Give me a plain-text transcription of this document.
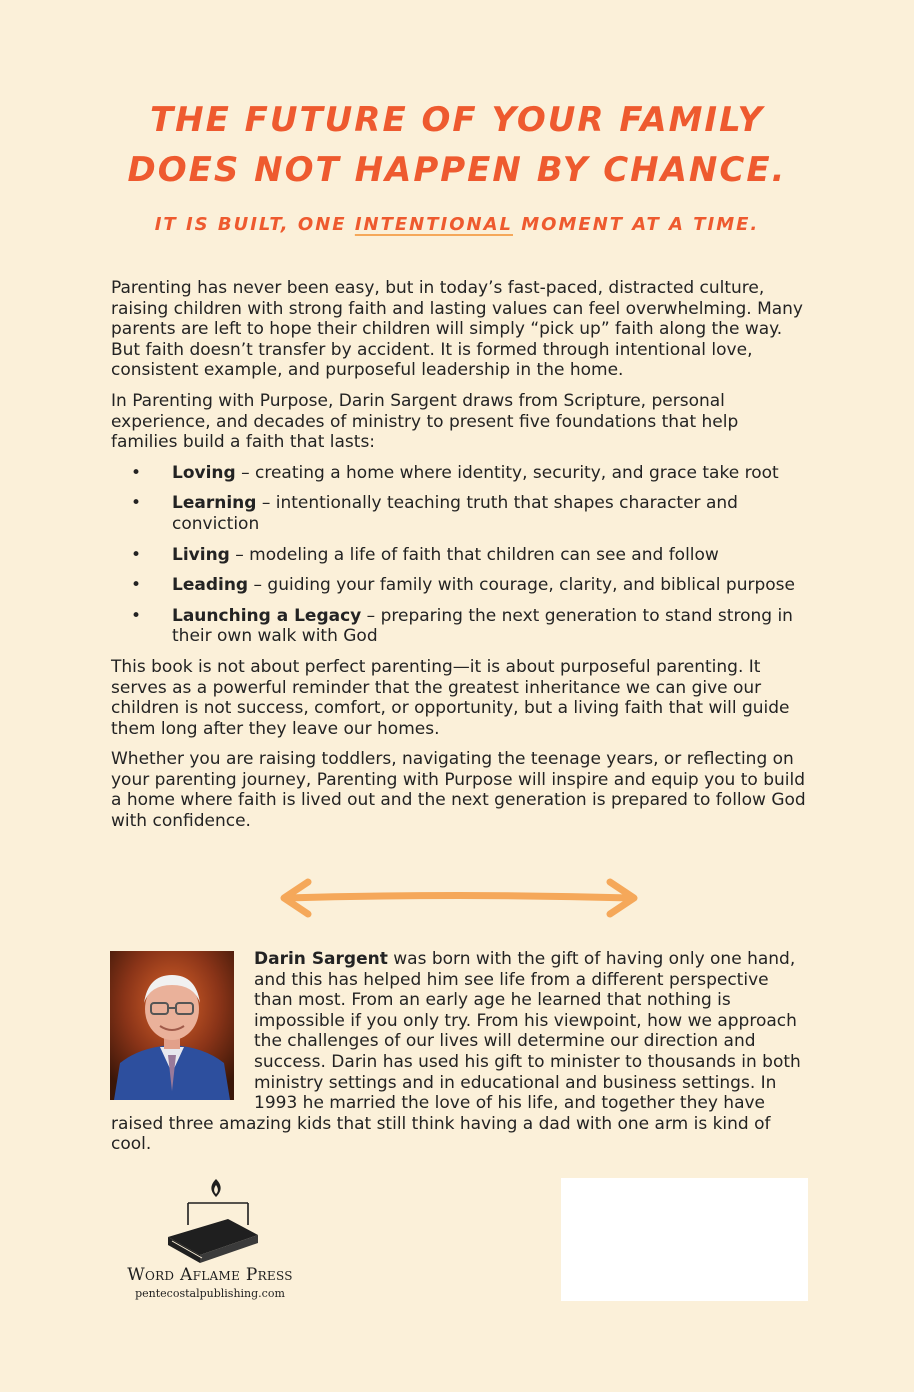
THE FUTURE OF YOUR FAMILY
DOES NOT HAPPEN BY CHANCE.
IT IS BUILT, ONE INTENTIONAL MOMENT AT A TIME.

Parenting has never been easy, but in today’s fast-paced, distracted culture, raising children with strong faith and lasting values can feel overwhelming. Many parents are left to hope their children will simply “pick up” faith along the way. But faith doesn’t transfer by accident. It is formed through intentional love, consistent example, and purposeful leadership in the home.

In Parenting with Purpose, Darin Sargent draws from Scripture, personal experience, and decades of ministry to present five foundations that help families build a faith that lasts:

• Loving – creating a home where identity, security, and grace take root
• Learning – intentionally teaching truth that shapes character and conviction
• Living – modeling a life of faith that children can see and follow
• Leading – guiding your family with courage, clarity, and biblical purpose
• Launching a Legacy – preparing the next generation to stand strong in their own walk with God

This book is not about perfect parenting—it is about purposeful parenting. It serves as a powerful reminder that the greatest inheritance we can give our children is not success, comfort, or opportunity, but a living faith that will guide them long after they leave our homes.

Whether you are raising toddlers, navigating the teenage years, or reflecting on your parenting journey, Parenting with Purpose will inspire and equip you to build a home where faith is lived out and the next generation is prepared to follow God with confidence.

Darin Sargent was born with the gift of having only one hand, and this has helped him see life from a different perspective than most. From an early age he learned that nothing is impossible if you only try. From his viewpoint, how we approach the challenges of our lives will determine our direction and success. Darin has used his gift to minister to thousands in both ministry settings and in educational and business settings. In 1993 he married the love of his life, and together they have raised three amazing kids that still think having a dad with one arm is kind of cool.
Word Aflame Press
pentecostalpublishing.com
